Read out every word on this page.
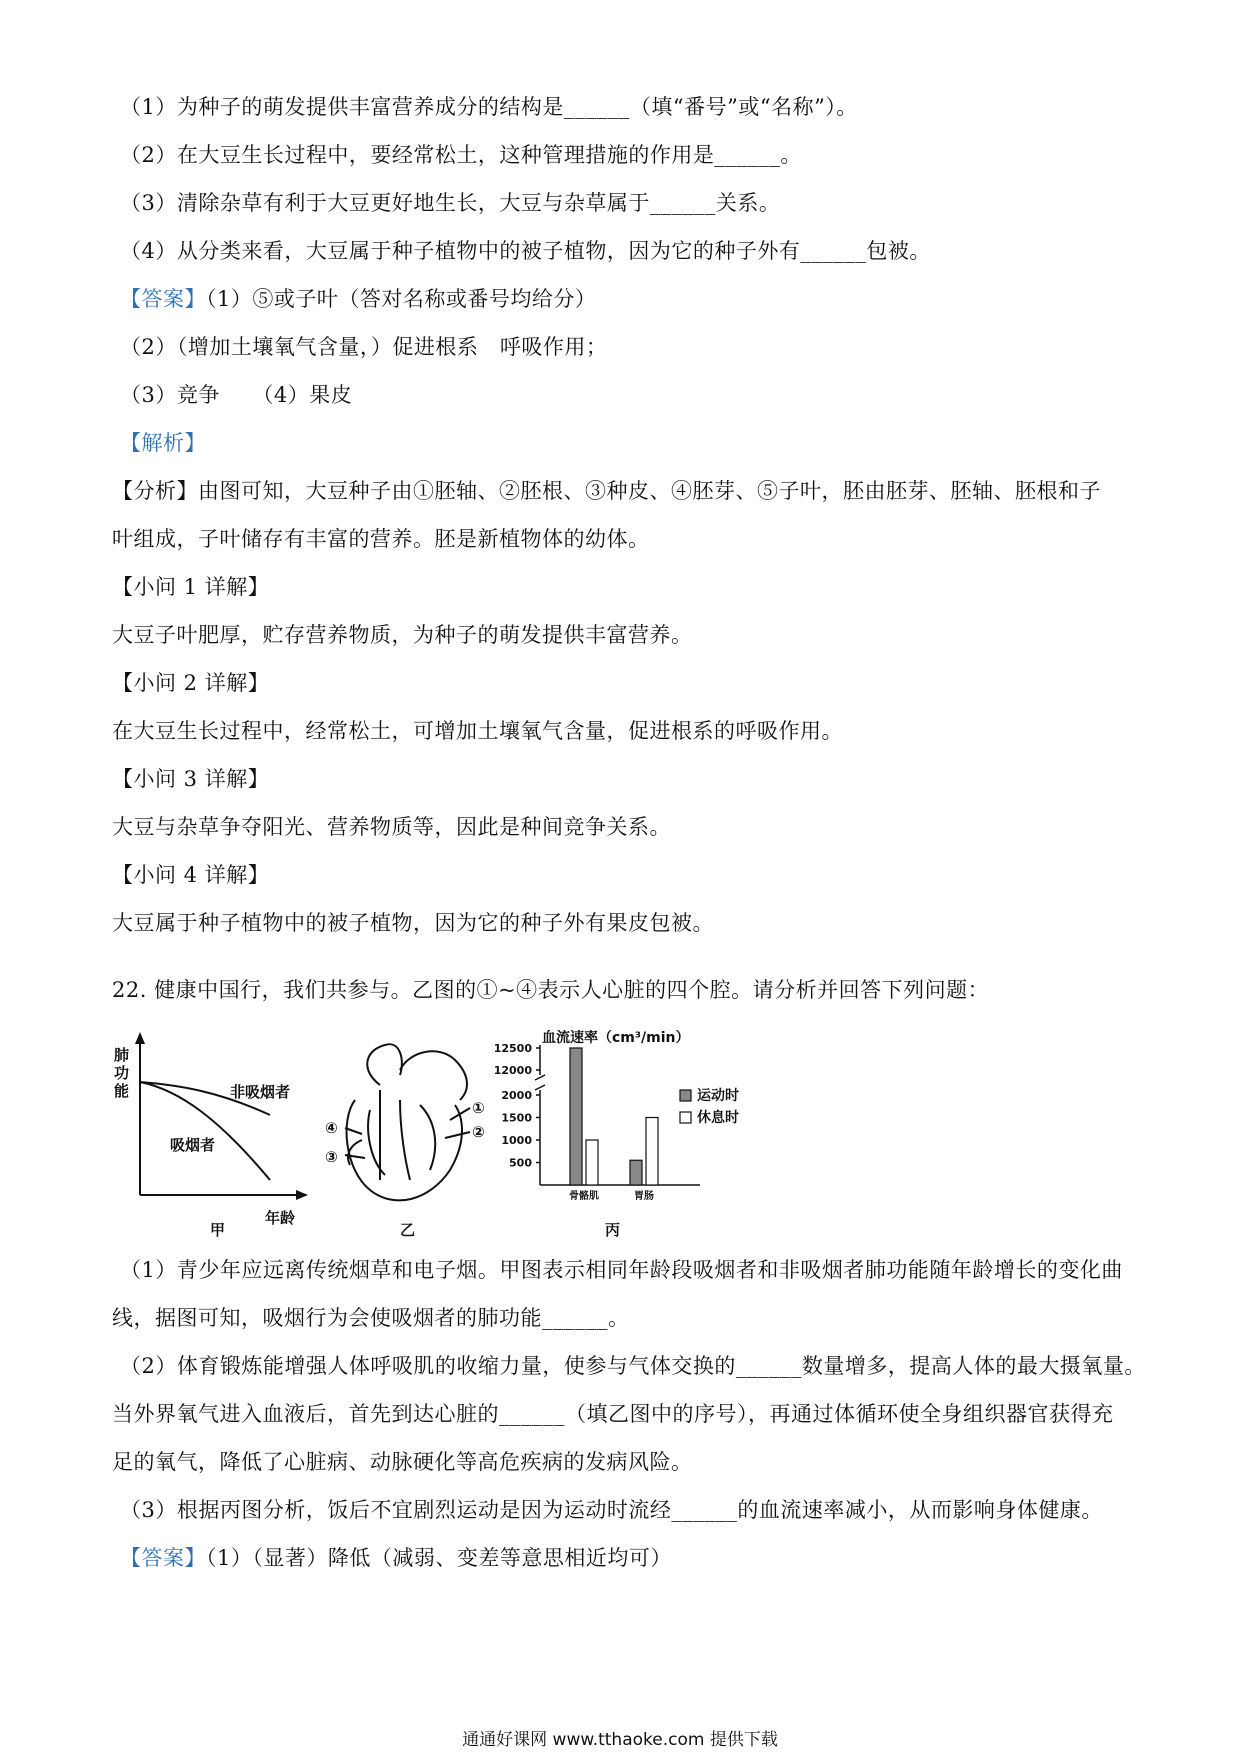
（1）为种子的萌发提供丰富营养成分的结构是______（填“番号”或“名称”）。
（2）在大豆生长过程中，要经常松土，这种管理措施的作用是______。
（3）清除杂草有利于大豆更好地生长，大豆与杂草属于______关系。
（4）从分类来看，大豆属于种子植物中的被子植物，因为它的种子外有______包被。
【答案】（1）⑤或子叶（答对名称或番号均给分）
（2）（增加土壤氧气含量，）促进根系　呼吸作用；
（3）竞争　　（4）果皮
【解析】
【分析】由图可知，大豆种子由①胚轴、②胚根、③种皮、④胚芽、⑤子叶，胚由胚芽、胚轴、胚根和子
叶组成，子叶储存有丰富的营养。胚是新植物体的幼体。
【小问 1 详解】
大豆子叶肥厚，贮存营养物质，为种子的萌发提供丰富营养。
【小问 2 详解】
在大豆生长过程中，经常松土，可增加土壤氧气含量，促进根系的呼吸作用。
【小问 3 详解】
大豆与杂草争夺阳光、营养物质等，因此是种间竞争关系。
【小问 4 详解】
大豆属于种子植物中的被子植物，因为它的种子外有果皮包被。
22. 健康中国行，我们共参与。乙图的①~④表示人心脏的四个腔。请分析并回答下列问题：
肺
功
能	非吸烟者
吸烟者
年龄
甲
①
②
③
④
乙
500
1000
1500
2000
12000
12500
骨骼肌	胃肠
运动时
休息时
血流速率（cm³/min）
丙
（1）青少年应远离传统烟草和电子烟。甲图表示相同年龄段吸烟者和非吸烟者肺功能随年龄增长的变化曲
线，据图可知，吸烟行为会使吸烟者的肺功能______。
（2）体育锻炼能增强人体呼吸肌的收缩力量，使参与气体交换的______数量增多，提高人体的最大摄氧量。
当外界氧气进入血液后，首先到达心脏的______（填乙图中的序号），再通过体循环使全身组织器官获得充
足的氧气，降低了心脏病、动脉硬化等高危疾病的发病风险。
（3）根据丙图分析，饭后不宜剧烈运动是因为运动时流经______的血流速率减小，从而影响身体健康。
【答案】（1）（显著）降低（减弱、变差等意思相近均可）
通通好课网 www.tthaoke.com 提供下载
